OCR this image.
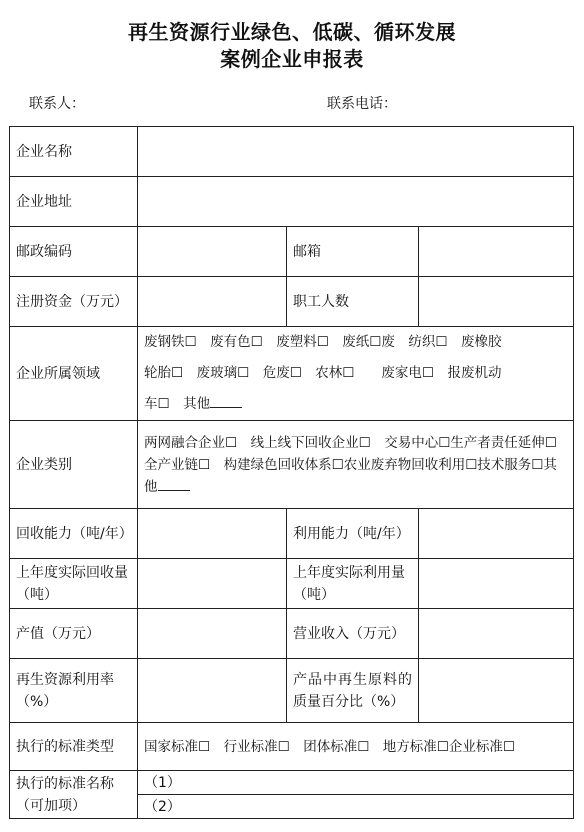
再生资源行业绿色、低碳、循环发展
案例企业申报表
联系人：	联系电话：
企业名称			
企业地址			
邮政编码		邮箱	
注册资金（万元）		职工人数	
企业所属领域	废钢铁☐　废有色☐　废塑料☐　废纸☐废　纺织☐　废橡胶
轮胎☐　废玻璃☐　危废☐　农林☐　　废家电☐　报废机动
车☐　其他		

企业类别	两网融合企业☐　线上线下回收企业☐　交易中心☐生产者责任延伸☐全产业链☐　构建绿色回收体系☐农业废弃物回收利用☐技术服务☐其他		
回收能力（吨/年）		利用能力（吨/年）	
上年度实际回收量（吨）		上年度实际利用量（吨）	
产值（万元）		营业收入（万元）	
再生资源利用率（%）		产品中再生原料的质量百分比（%）	
执行的标准类型	国家标准☐　行业标准☐　团体标准☐　地方标准☐企业标准☐		
执行的标准名称（可加项）	（1）		
	（2）		
